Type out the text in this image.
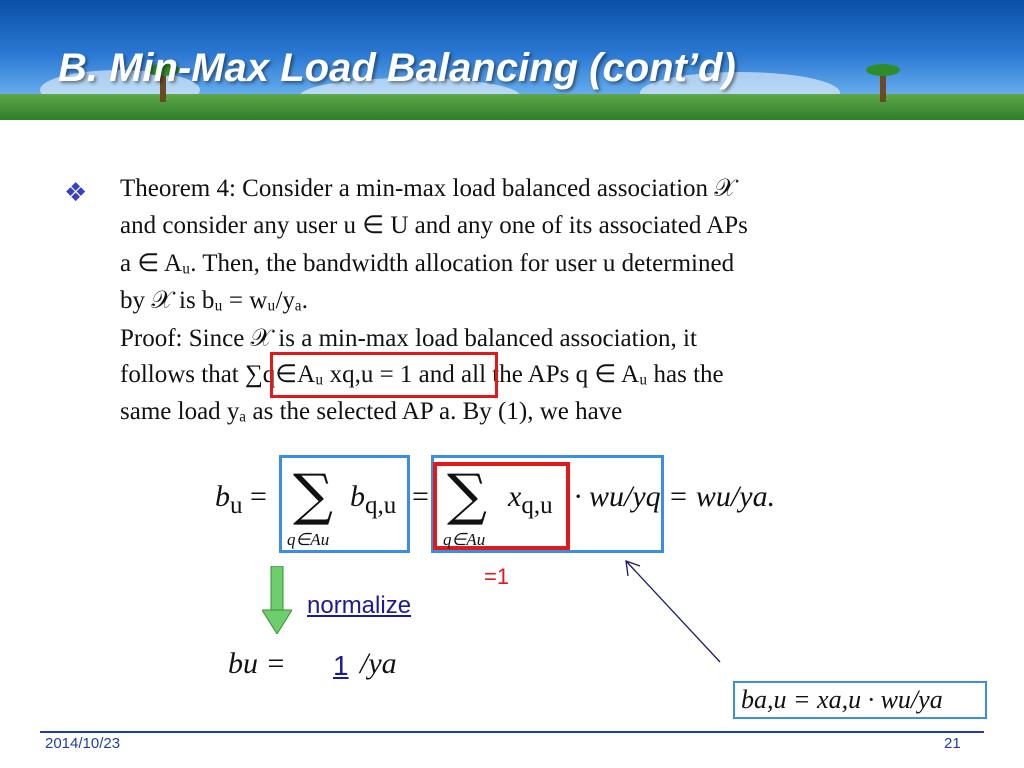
B. Min-Max Load Balancing (cont’d)
❖ Theorem 4: Consider a min-max load balanced association 𝒳
and consider any user u ∈ U and any one of its associated APs
a ∈ Aᵤ. Then, the bandwidth allocation for user u determined
by 𝒳 is bᵤ = wᵤ/yₐ.
Proof: Since 𝒳 is a min-max load balanced association, it
follows that ∑q∈Aᵤ xq,u = 1 and all the APs q ∈ Aᵤ has the
same load yₐ as the selected AP a. By (1), we have
$b_u$ = ∑ $b_{q,u}$
q∈Au
= ∑ $x_{q,u}$
q∈Au
· wu/yq = wu/ya.
=1
normalize
bu = 1 /ya
ba,u = xa,u · wu/ya
2014/10/23	21
